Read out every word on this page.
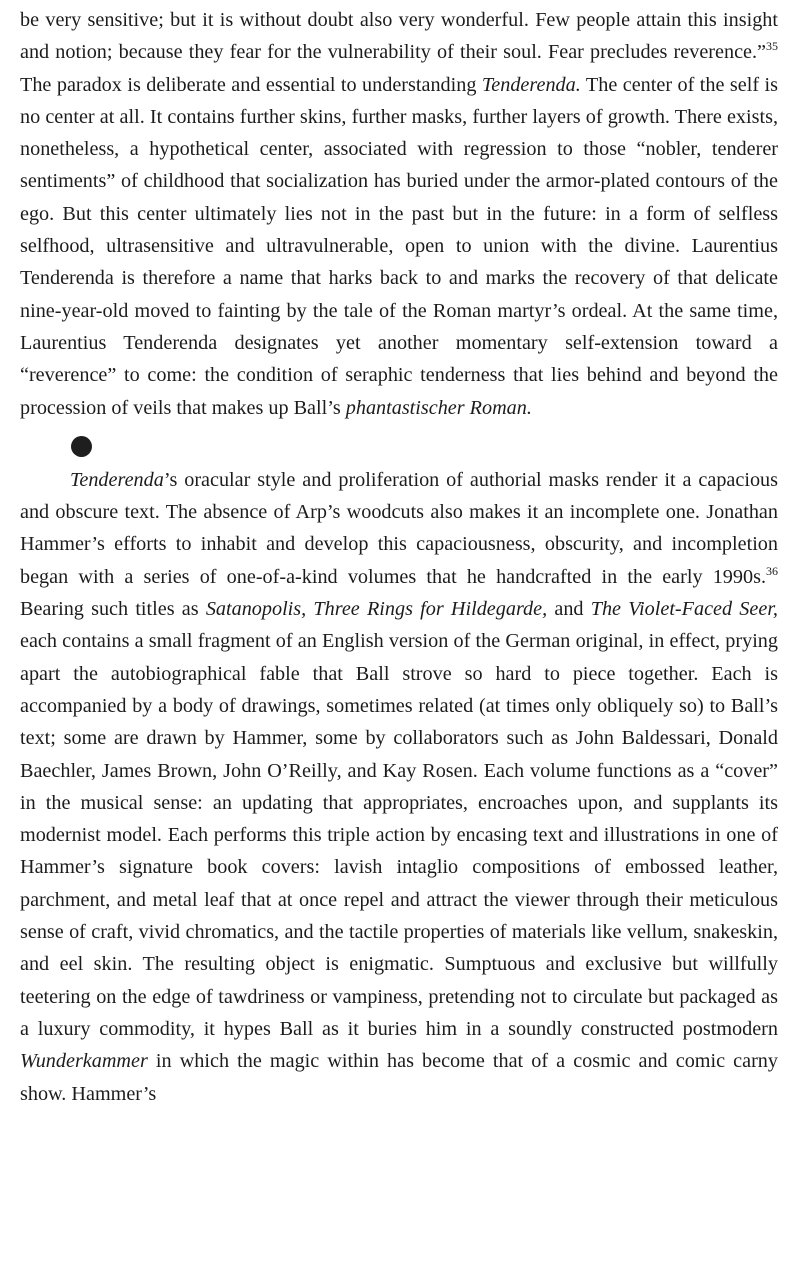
be very sensitive; but it is without doubt also very wonderful. Few people attain this insight and notion; because they fear for the vulnerability of their soul. Fear precludes reverence.”$^{35}$ The paradox is deliberate and essential to understanding Tenderenda. The center of the self is no center at all. It contains further skins, further masks, further layers of growth. There exists, nonetheless, a hypothetical center, associated with regression to those “nobler, tenderer sentiments” of childhood that socialization has buried under the armor-plated contours of the ego. But this center ultimately lies not in the past but in the future: in a form of selfless selfhood, ultrasensitive and ultravulnerable, open to union with the divine. Laurentius Tenderenda is therefore a name that harks back to and marks the recovery of that delicate nine-year-old moved to fainting by the tale of the Roman martyr’s ordeal. At the same time, Laurentius Tenderenda designates yet another momentary self-extension toward a “reverence” to come: the condition of seraphic tenderness that lies behind and beyond the procession of veils that makes up Ball’s phantastischer Roman.

Tenderenda’s oracular style and proliferation of authorial masks render it a capacious and obscure text. The absence of Arp’s woodcuts also makes it an incomplete one. Jonathan Hammer’s efforts to inhabit and develop this capaciousness, obscurity, and incompletion began with a series of one-of-a-kind volumes that he handcrafted in the early 1990s.$^{36}$ Bearing such titles as Satanopolis, Three Rings for Hildegarde, and The Violet-Faced Seer, each contains a small fragment of an English version of the German original, in effect, prying apart the autobiographical fable that Ball strove so hard to piece together. Each is accompanied by a body of drawings, sometimes related (at times only obliquely so) to Ball’s text; some are drawn by Hammer, some by collaborators such as John Baldessari, Donald Baechler, James Brown, John O’Reilly, and Kay Rosen. Each volume functions as a “cover” in the musical sense: an updating that appropriates, encroaches upon, and supplants its modernist model. Each performs this triple action by encasing text and illustrations in one of Hammer’s signature book covers: lavish intaglio compositions of embossed leather, parchment, and metal leaf that at once repel and attract the viewer through their meticulous sense of craft, vivid chromatics, and the tactile properties of materials like vellum, snakeskin, and eel skin. The resulting object is enigmatic. Sumptuous and exclusive but willfully teetering on the edge of tawdriness or vampiness, pretending not to circulate but packaged as a luxury commodity, it hypes Ball as it buries him in a soundly constructed postmodern Wunderkammer in which the magic within has become that of a cosmic and comic carny show. Hammer’s
